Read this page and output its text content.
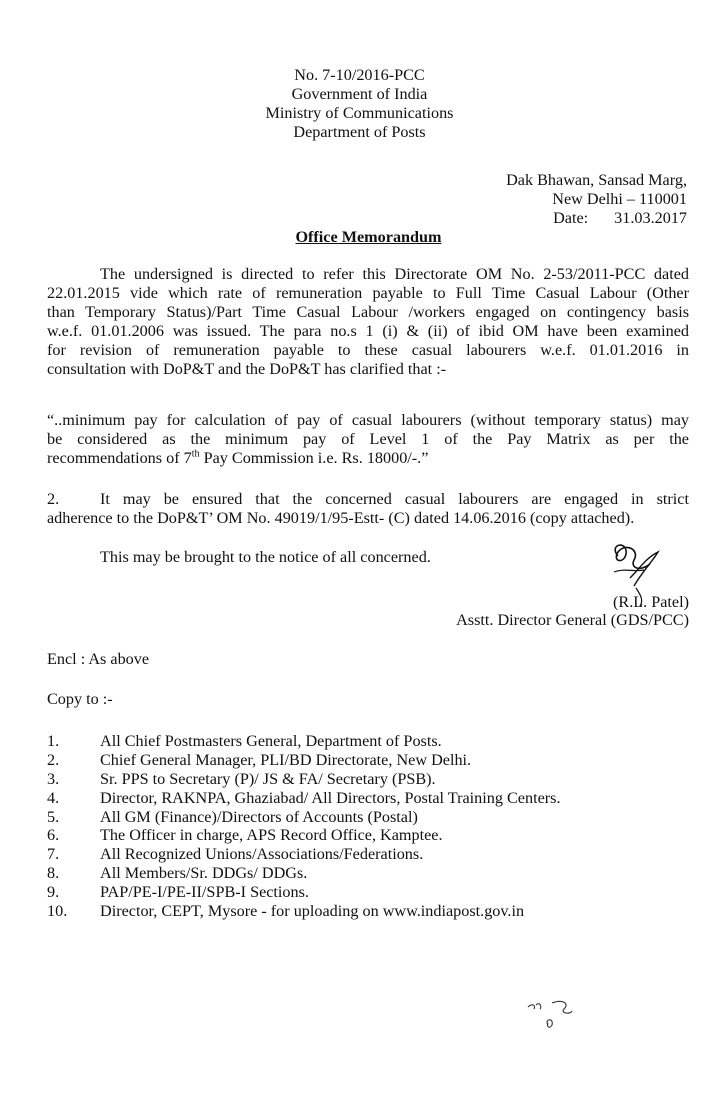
No. 7-10/2016-PCC
Government of India
Ministry of Communications
Department of Posts
Dak Bhawan, Sansad Marg,
New Delhi – 110001
Date: 31.03.2017
Office Memorandum
The undersigned is directed to refer this Directorate OM No. 2-53/2011-PCC dated
22.01.2015 vide which rate of remuneration payable to Full Time Casual Labour (Other
than Temporary Status)/Part Time Casual Labour /workers engaged on contingency basis
w.e.f. 01.01.2006 was issued. The para no.s 1 (i) & (ii) of ibid OM have been examined
for revision of remuneration payable to these casual labourers w.e.f. 01.01.2016 in
consultation with DoP&T and the DoP&T has clarified that :-
“..minimum pay for calculation of pay of casual labourers (without temporary status) may
be considered as the minimum pay of Level 1 of the Pay Matrix as per the
recommendations of 7th Pay Commission i.e. Rs. 18000/-.”
2.	It may be ensured that the concerned casual labourers are engaged in strict
adherence to the DoP&T’ OM No. 49019/1/95-Estt- (C) dated 14.06.2016 (copy attached).
This may be brought to the notice of all concerned.
(R.L. Patel)
Asstt. Director General (GDS/PCC)
Encl : As above
Copy to :-
1.	All Chief Postmasters General, Department of Posts.
2.	Chief General Manager, PLI/BD Directorate, New Delhi.
3.	Sr. PPS to Secretary (P)/ JS & FA/ Secretary (PSB).
4.	Director, RAKNPA, Ghaziabad/ All Directors, Postal Training Centers.
5.	All GM (Finance)/Directors of Accounts (Postal)
6.	The Officer in charge, APS Record Office, Kamptee.
7.	All Recognized Unions/Associations/Federations.
8.	All Members/Sr. DDGs/ DDGs.
9.	PAP/PE-I/PE-II/SPB-I Sections.
10.	Director, CEPT, Mysore - for uploading on www.indiapost.gov.in
